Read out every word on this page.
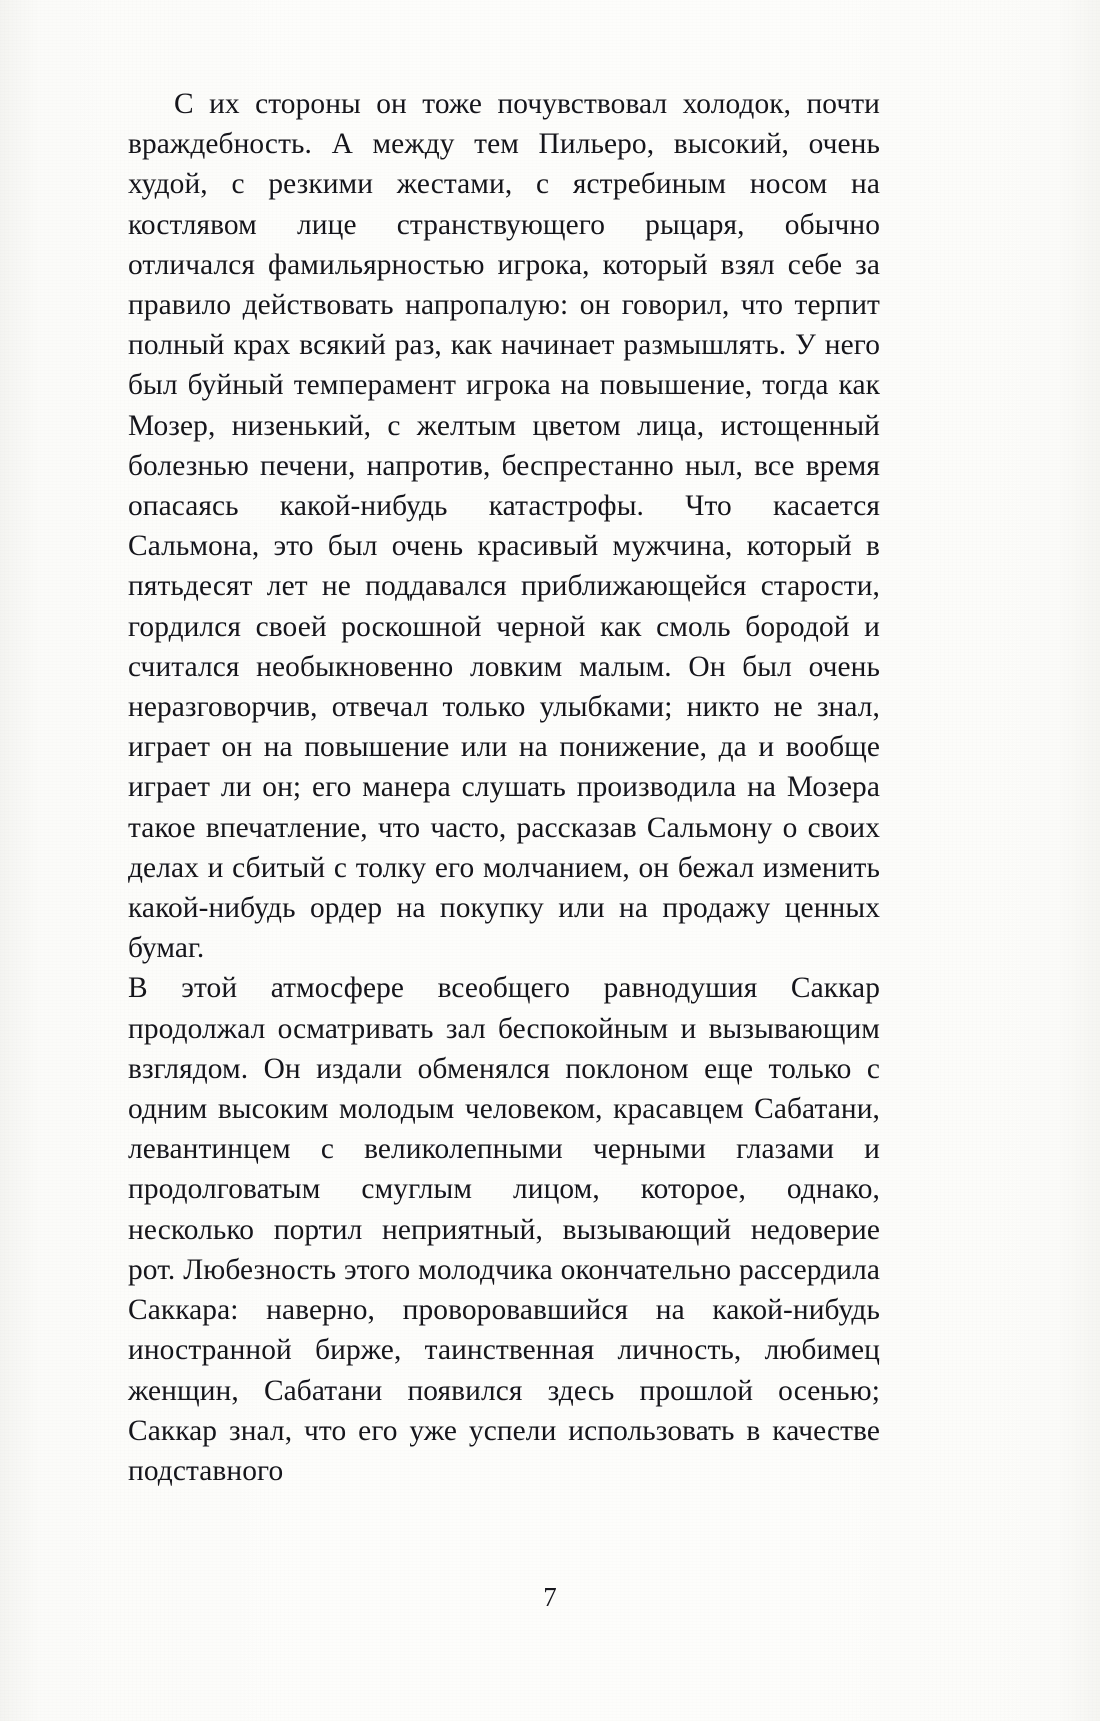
С их стороны он тоже почувствовал холодок, почти враждебность. А между тем Пильеро, высокий, очень худой, с резкими жестами, с ястребиным носом на костлявом лице странствующего рыцаря, обычно отличался фамильярностью игрока, который взял себе за правило действовать напропалую: он говорил, что терпит полный крах всякий раз, как начинает размышлять. У него был буйный темперамент игрока на повышение, тогда как Мозер, низенький, с желтым цветом лица, истощенный болезнью печени, напротив, беспрестанно ныл, все время опасаясь какой-нибудь катастрофы. Что касается Сальмона, это был очень красивый мужчина, который в пятьдесят лет не поддавался приближающейся старости, гордился своей роскошной черной как смоль бородой и считался необыкновенно ловким малым. Он был очень неразговорчив, отвечал только улыбками; никто не знал, играет он на повышение или на понижение, да и вообще играет ли он; его манера слушать производила на Мозера такое впечатление, что часто, рассказав Сальмону о своих делах и сбитый с толку его молчанием, он бежал изменить какой-нибудь ордер на покупку или на продажу ценных бумаг.

В этой атмосфере всеобщего равнодушия Саккар продолжал осматривать зал беспокойным и вызывающим взглядом. Он издали обменялся поклоном еще только с одним высоким молодым человеком, красавцем Сабатани, левантинцем с великолепными черными глазами и продолговатым смуглым лицом, которое, однако, несколько портил неприятный, вызывающий недоверие рот. Любезность этого молодчика окончательно рассердила Саккара: наверно, проворовавшийся на какой-нибудь иностранной бирже, таинственная личность, любимец женщин, Сабатани появился здесь прошлой осенью; Саккар знал, что его уже успели использовать в качестве подставного

7
